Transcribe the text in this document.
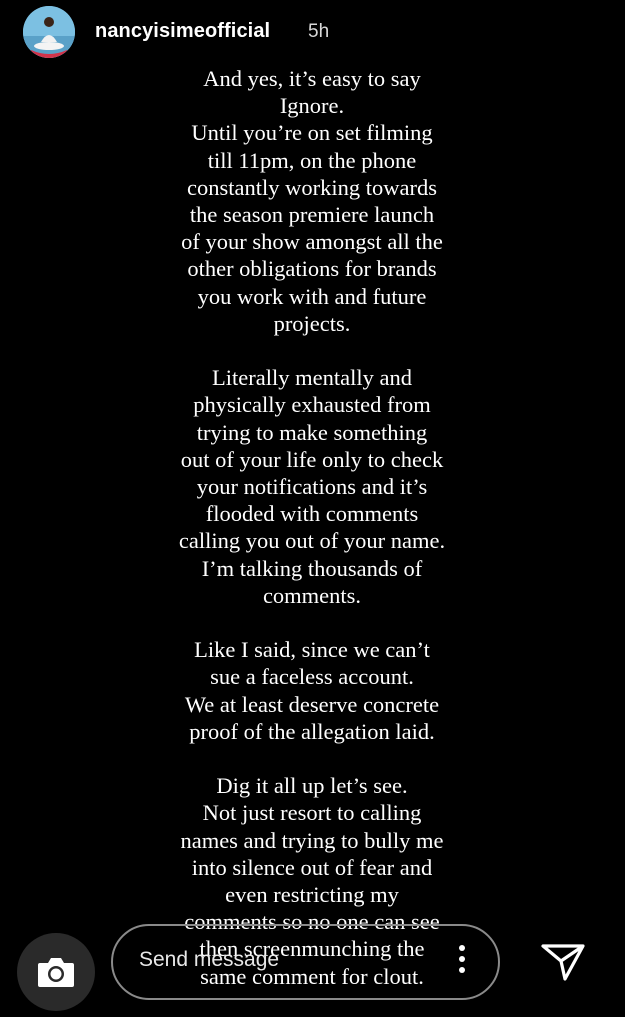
nancyisimeofficial 5h

And yes, it’s easy to say

Ignore.

Until you’re on set filming

till 11pm, on the phone

constantly working towards

the season premiere launch

of your show amongst all the

other obligations for brands

you work with and future

projects.

Literally mentally and

physically exhausted from

trying to make something

out of your life only to check

your notifications and it’s

flooded with comments

calling you out of your name.

I’m talking thousands of

comments.

Like I said, since we can’t

sue a faceless account.

We at least deserve concrete

proof of the allegation laid.

Dig it all up let’s see.

Not just resort to calling

names and trying to bully me

into silence out of fear and

even restricting my

comments so no one can see

then screenmunching the

same comment for clout.

Send message
